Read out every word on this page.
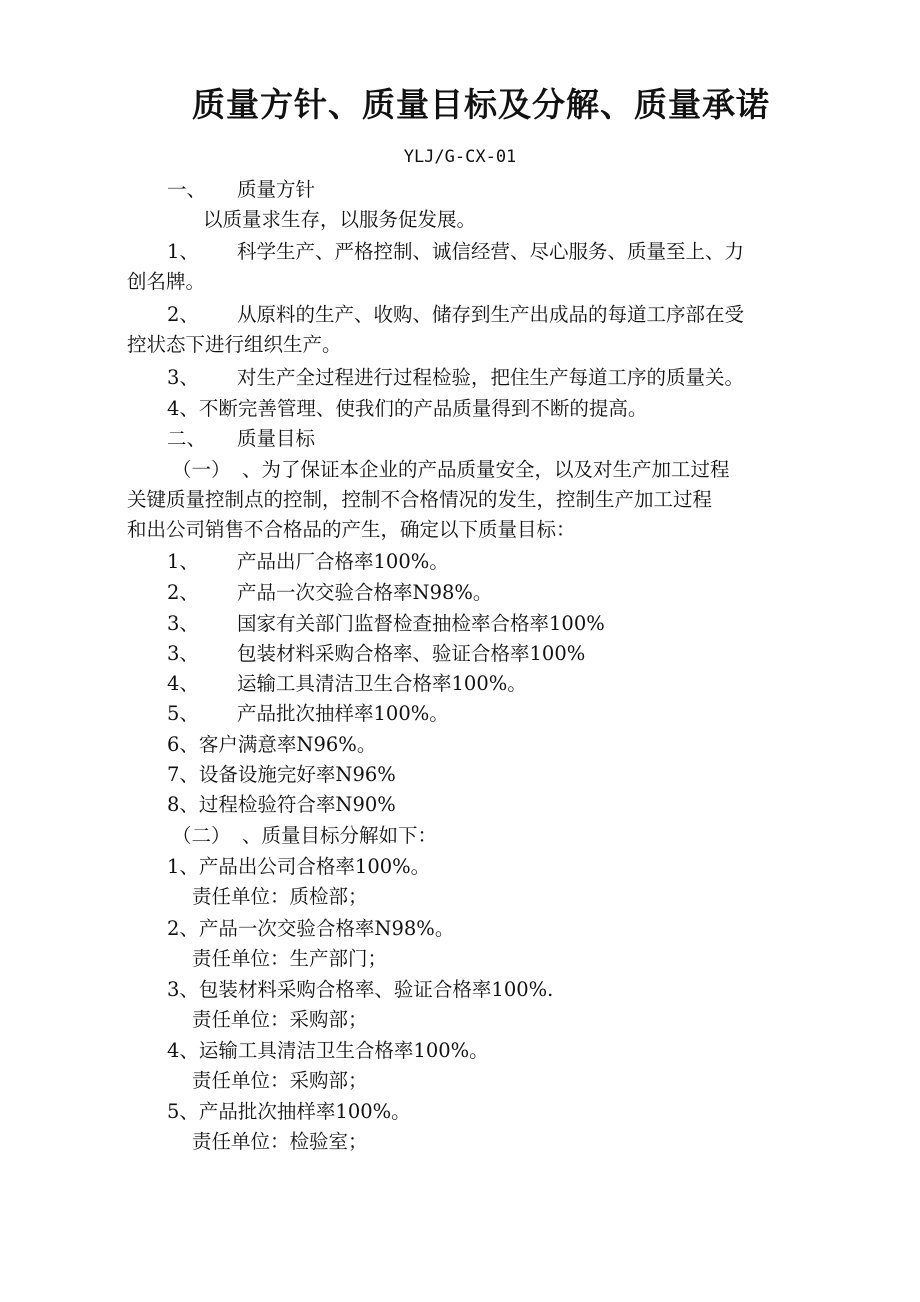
质量方针、质量目标及分解、质量承诺
YLJ/G-CX-01
一、 质量方针
以质量求生存，以服务促发展。
1、 科学生产、严格控制、诚信经营、尽心服务、质量至上、力
创名牌。
2、 从原料的生产、收购、储存到生产出成品的每道工序部在受
控状态下进行组织生产。
3、 对生产全过程进行过程检验，把住生产每道工序的质量关。
4、不断完善管理、使我们的产品质量得到不断的提高。
二、 质量目标
（一） 、为了保证本企业的产品质量安全，以及对生产加工过程
关键质量控制点的控制，控制不合格情况的发生，控制生产加工过程
和出公司销售不合格品的产生，确定以下质量目标：
1、 产品出厂合格率100%。
2、 产品一次交验合格率N98%。
3、 国家有关部门监督检查抽检率合格率100%
3、 包装材料采购合格率、验证合格率100%
4、 运输工具清洁卫生合格率100%。
5、 产品批次抽样率100%。
6、客户满意率N96%。
7、设备设施完好率N96%
8、过程检验符合率N90%
（二） 、质量目标分解如下：
1、产品出公司合格率100%。
责任单位：质检部；
2、产品一次交验合格率N98%。
责任单位：生产部门；
3、包装材料采购合格率、验证合格率100%.
责任单位：采购部；
4、运输工具清洁卫生合格率100%。
责任单位：采购部；
5、产品批次抽样率100%。
责任单位：检验室；
